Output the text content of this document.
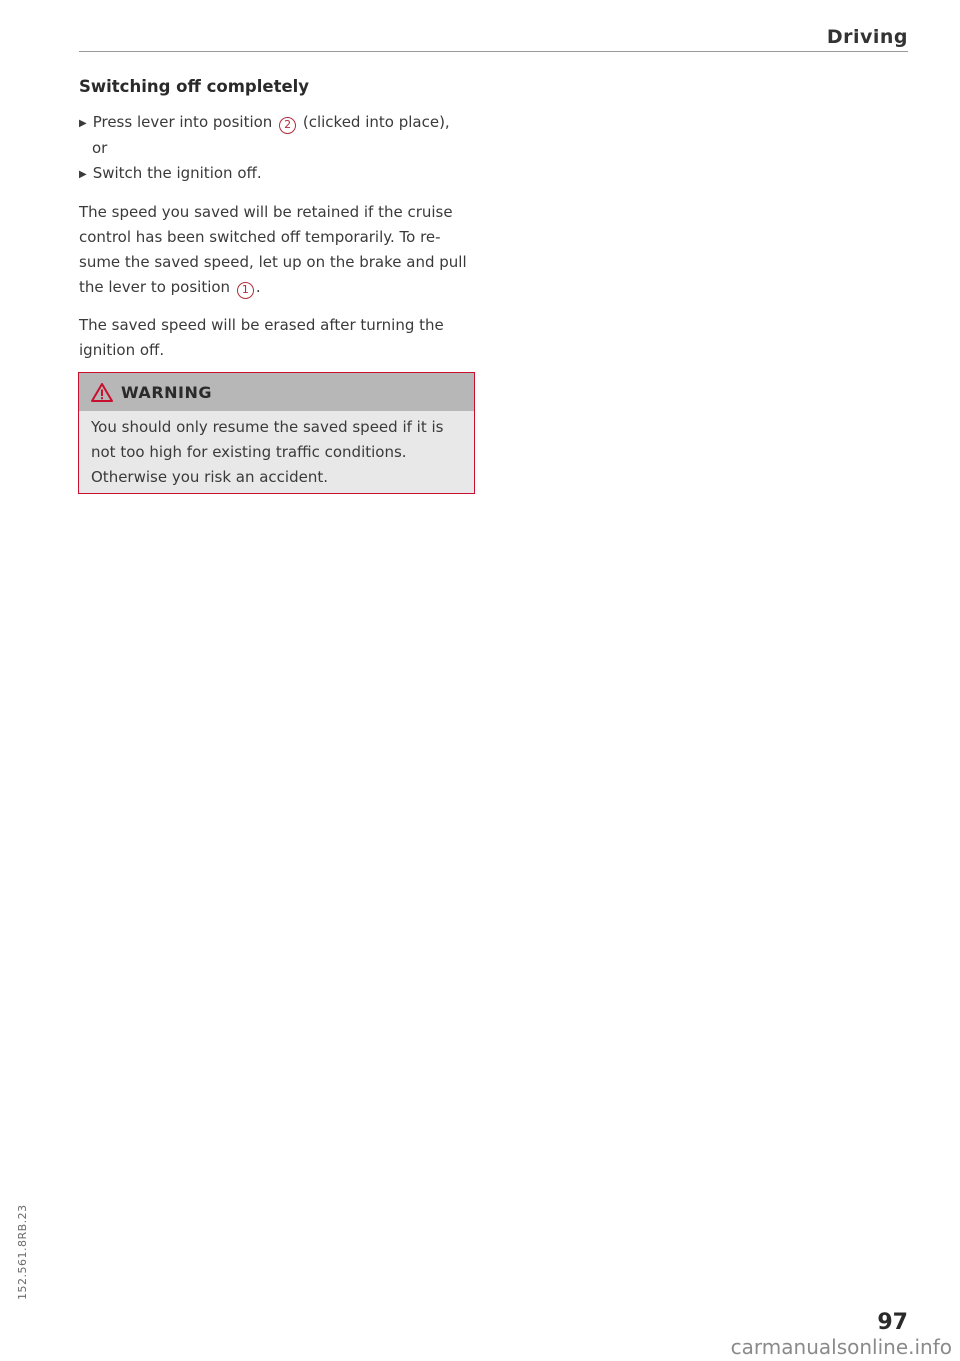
Driving
Switching off completely

▶ Press lever into position 2 (clicked into place),

or

▶ Switch the ignition off.

The speed you saved will be retained if the cruise control has been switched off temporarily. To re-sume the saved speed, let up on the brake and pull the lever to position 1 .

The saved speed will be erased after turning the ignition off.

WARNING
You should only resume the saved speed if it is not too high for existing traffic conditions. Otherwise you risk an accident.
152.561.8RB.23
97
carmanualsonline.info
